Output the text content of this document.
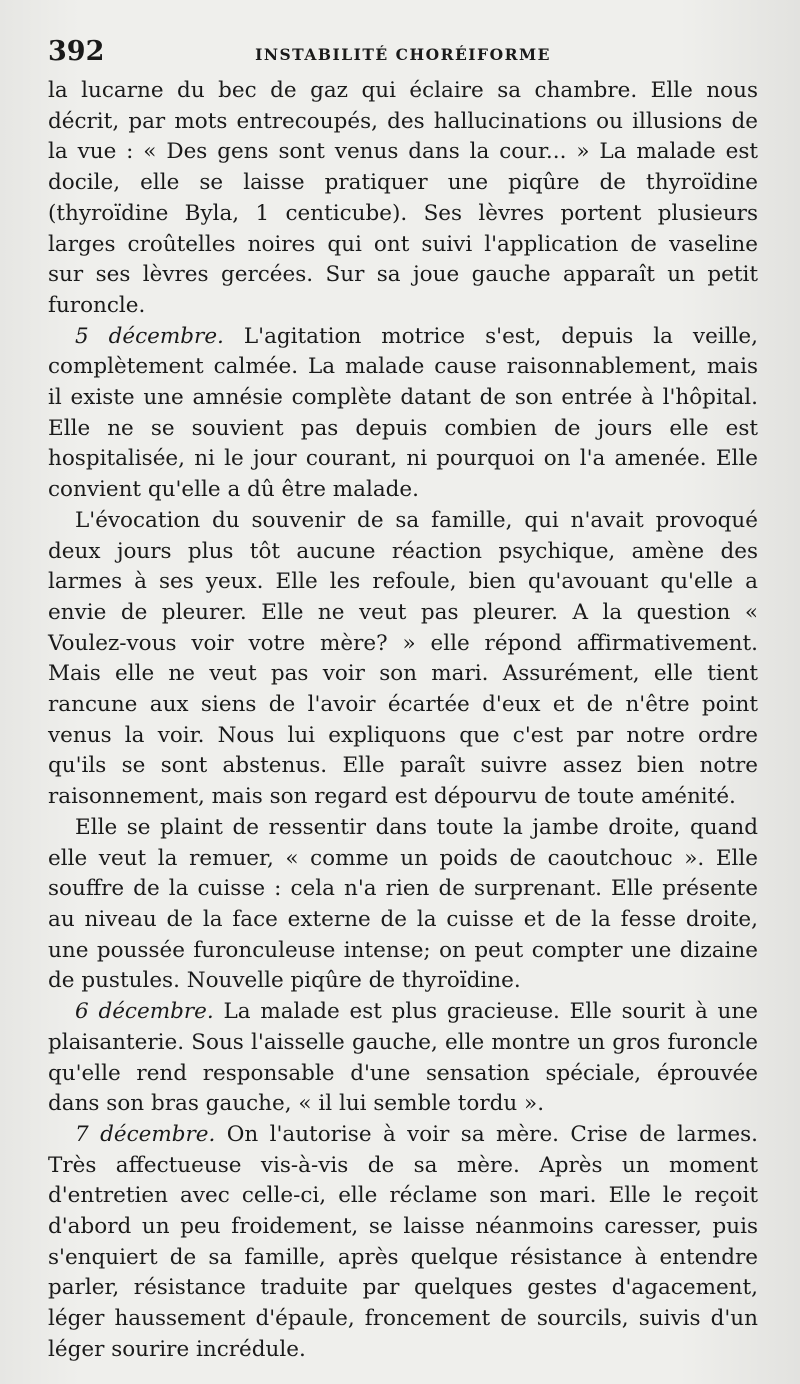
392	INSTABILITÉ CHORÉIFORME

la lucarne du bec de gaz qui éclaire sa chambre. Elle nous décrit, par mots entrecoupés, des hallucinations ou illusions de la vue : « Des gens sont venus dans la cour... » La malade est docile, elle se laisse pratiquer une piqûre de thyroïdine (thyroïdine Byla, 1 centicube). Ses lèvres portent plusieurs larges croûtelles noires qui ont suivi l'application de vaseline sur ses lèvres gercées. Sur sa joue gauche apparaît un petit furoncle.

5 décembre. L'agitation motrice s'est, depuis la veille, complètement calmée. La malade cause raisonnablement, mais il existe une amnésie complète datant de son entrée à l'hôpital. Elle ne se souvient pas depuis combien de jours elle est hospitalisée, ni le jour courant, ni pourquoi on l'a amenée. Elle convient qu'elle a dû être malade.

L'évocation du souvenir de sa famille, qui n'avait provoqué deux jours plus tôt aucune réaction psychique, amène des larmes à ses yeux. Elle les refoule, bien qu'avouant qu'elle a envie de pleurer. Elle ne veut pas pleurer. A la question « Voulez-vous voir votre mère? » elle répond affirmativement. Mais elle ne veut pas voir son mari. Assurément, elle tient rancune aux siens de l'avoir écartée d'eux et de n'être point venus la voir. Nous lui expliquons que c'est par notre ordre qu'ils se sont abstenus. Elle paraît suivre assez bien notre raisonnement, mais son regard est dépourvu de toute aménité.

Elle se plaint de ressentir dans toute la jambe droite, quand elle veut la remuer, « comme un poids de caoutchouc ». Elle souffre de la cuisse : cela n'a rien de surprenant. Elle présente au niveau de la face externe de la cuisse et de la fesse droite, une poussée furonculeuse intense; on peut compter une dizaine de pustules. Nouvelle piqûre de thyroïdine.

6 décembre. La malade est plus gracieuse. Elle sourit à une plaisanterie. Sous l'aisselle gauche, elle montre un gros furoncle qu'elle rend responsable d'une sensation spéciale, éprouvée dans son bras gauche, « il lui semble tordu ».

7 décembre. On l'autorise à voir sa mère. Crise de larmes. Très affectueuse vis-à-vis de sa mère. Après un moment d'entretien avec celle-ci, elle réclame son mari. Elle le reçoit d'abord un peu froidement, se laisse néanmoins caresser, puis s'enquiert de sa famille, après quelque résistance à entendre parler, résistance traduite par quelques gestes d'agacement, léger haussement d'épaule, froncement de sourcils, suivis d'un léger sourire incrédule.
